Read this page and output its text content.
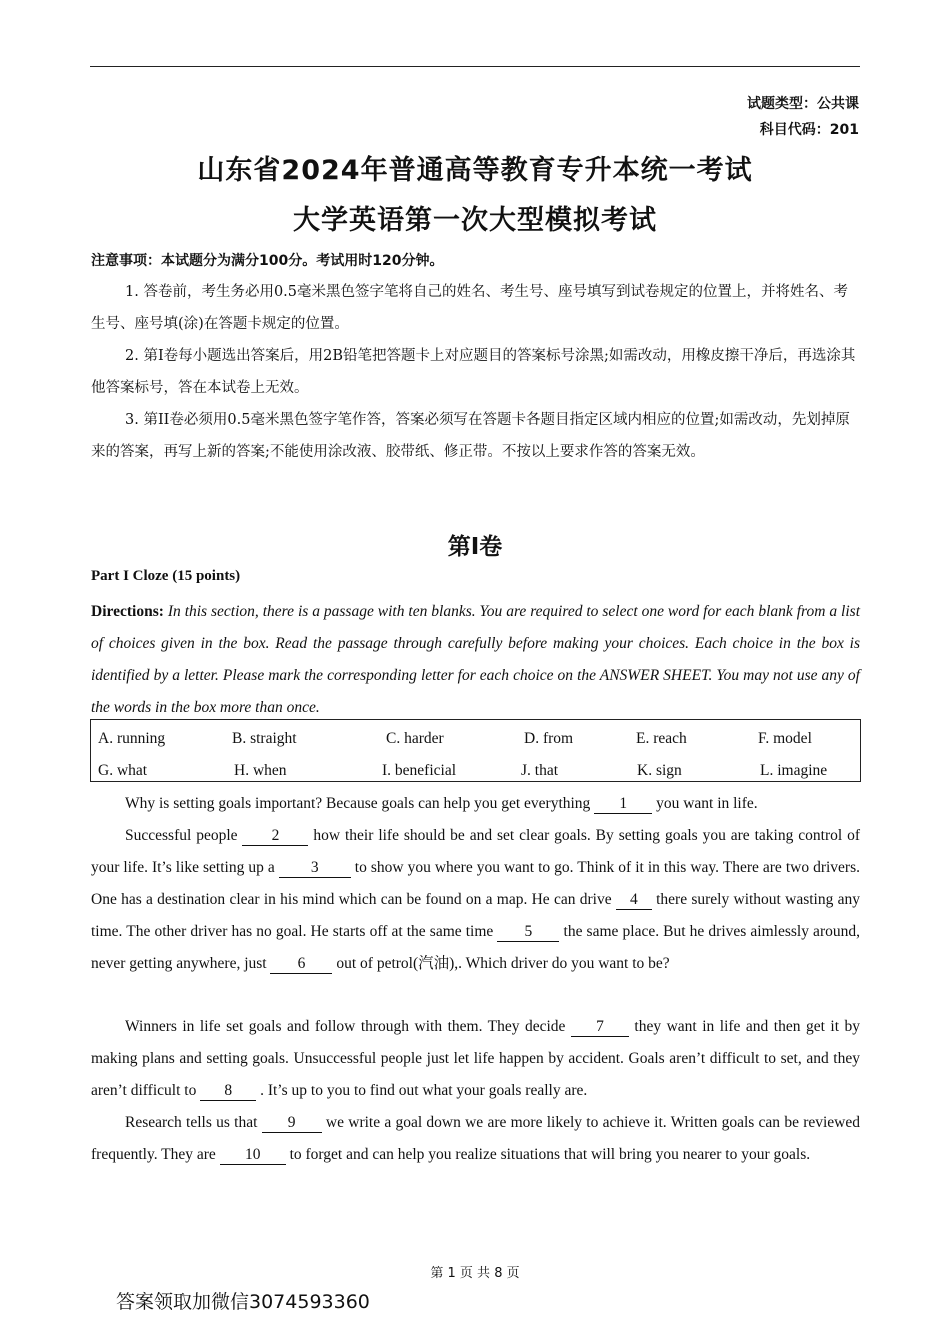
试题类型：公共课
科目代码：201
山东省2024年普通高等教育专升本统一考试
大学英语第一次大型模拟考试
注意事项：本试题分为满分100分。考试用时120分钟。
1. 答卷前，考生务必用0.5毫米黑色签字笔将自己的姓名、考生号、座号填写到试卷规定的位置上，并将姓名、考生号、座号填(涂)在答题卡规定的位置。
2. 第I卷每小题选出答案后，用2B铅笔把答题卡上对应题目的答案标号涂黑;如需改动，用橡皮擦干净后，再选涂其他答案标号，答在本试卷上无效。
3. 第II卷必须用0.5毫米黑色签字笔作答，答案必须写在答题卡各题目指定区域内相应的位置;如需改动，先划掉原来的答案，再写上新的答案;不能使用涂改液、胶带纸、修正带。不按以上要求作答的答案无效。
第I卷
Part I Cloze (15 points)
Directions: In this section, there is a passage with ten blanks. You are required to select one word for each blank from a list of choices given in the box. Read the passage through carefully before making your choices. Each choice in the box is identified by a letter. Please mark the corresponding letter for each choice on the ANSWER SHEET. You may not use any of the words in the box more than once.
A. running	B. straight	C. harder	D. from	E. reach	F. model
G. what	H. when	I. beneficial	J. that	K. sign	L. imagine
Why is setting goals important? Because goals can help you get everything 1 you want in life.
Successful people 2 how their life should be and set clear goals. By setting goals you are taking control of your life. It’s like setting up a 3 to show you where you want to go. Think of it in this way. There are two drivers. One has a destination clear in his mind which can be found on a map. He can drive 4 there surely without wasting any time. The other driver has no goal. He starts off at the same time 5 the same place. But he drives aimlessly around, never getting anywhere, just 6 out of petrol(汽油),. Which driver do you want to be?
Winners in life set goals and follow through with them. They decide 7 they want in life and then get it by making plans and setting goals. Unsuccessful people just let life happen by accident. Goals aren’t difficult to set, and they aren’t difficult to 8 . It’s up to you to find out what your goals really are.
Research tells us that 9 we write a goal down we are more likely to achieve it. Written goals can be reviewed frequently. They are 10 to forget and can help you realize situations that will bring you nearer to your goals.
第 1 页 共 8 页
答案领取加微信3074593360
